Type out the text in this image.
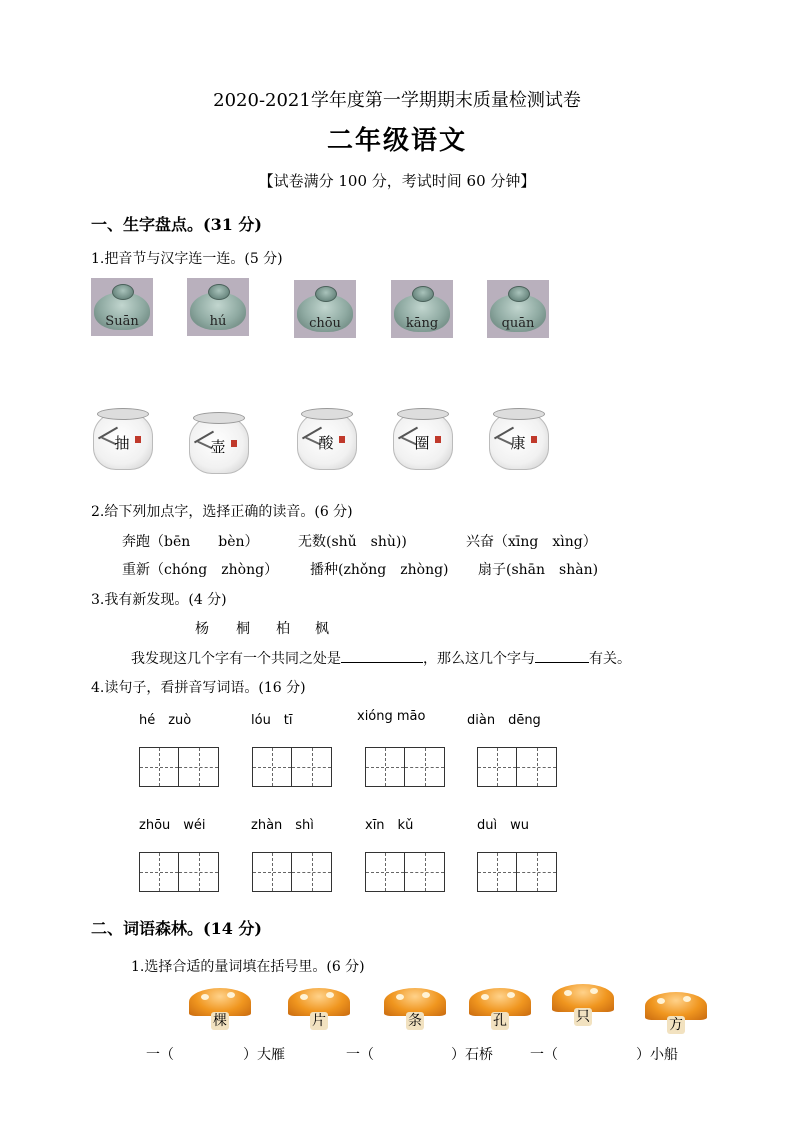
2020-2021学年度第一学期期末质量检测试卷
二年级语文
【试卷满分 100 分，考试时间 60 分钟】
一、生字盘点。(31 分)
1.把音节与汉字连一连。(5 分)
Suān	hú	chōu	kāng	quān
抽	壶	酸	圈	康
2.给下列加点字，选择正确的读音。(6 分)
奔跑（bēn　　bèn）	无数(shǔ　shù))	兴奋（xīng　xìng）
重新（chóng　zhòng） 播种(zhǒng　zhòng) 扇子(shān　shàn)
3.我有新发现。(4 分)
杨 桐 柏 枫
我发现这几个字有一个共同之处是	，那么这几个字与	有关。
4.读句子，看拼音写词语。(16 分)
hé　zuò	lóu　tī	xióng māo	diàn　dēng
zhōu　wéi	zhàn　shì	xīn　kǔ	duì　wu
二、词语森林。(14 分)
1.选择合适的量词填在括号里。(6 分)
棵	片	条	孔	只	方
一（	）大雁	一（	）石桥	一（	）小船
